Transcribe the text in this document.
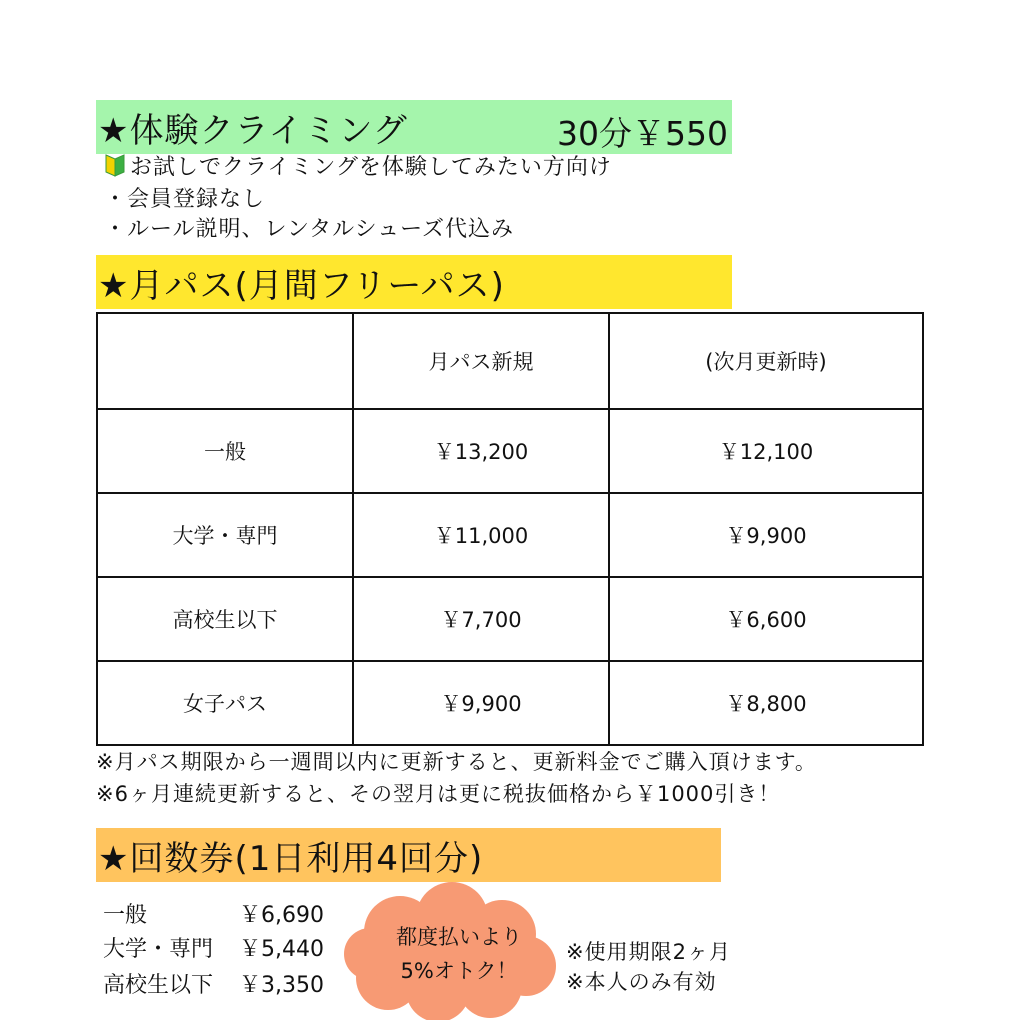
★体験クライミング	30分￥550
お試しでクライミングを体験してみたい方向け
・会員登録なし
・ルール説明、レンタルシューズ代込み
★月パス(月間フリーパス)
	月パス新規	(次月更新時)
一般	￥13,200	￥12,100
大学・専門	￥11,000	￥9,900
高校生以下	￥7,700	￥6,600
女子パス	￥9,900	￥8,800
※月パス期限から一週間以内に更新すると、更新料金でご購入頂けます。
※6ヶ月連続更新すると、その翌月は更に税抜価格から￥1000引き！
★回数券(1日利用4回分)
一般	￥6,690
大学・専門 ￥5,440
高校生以下 ￥3,350
都度払いより
5%オトク！
※使用期限2ヶ月
※本人のみ有効
